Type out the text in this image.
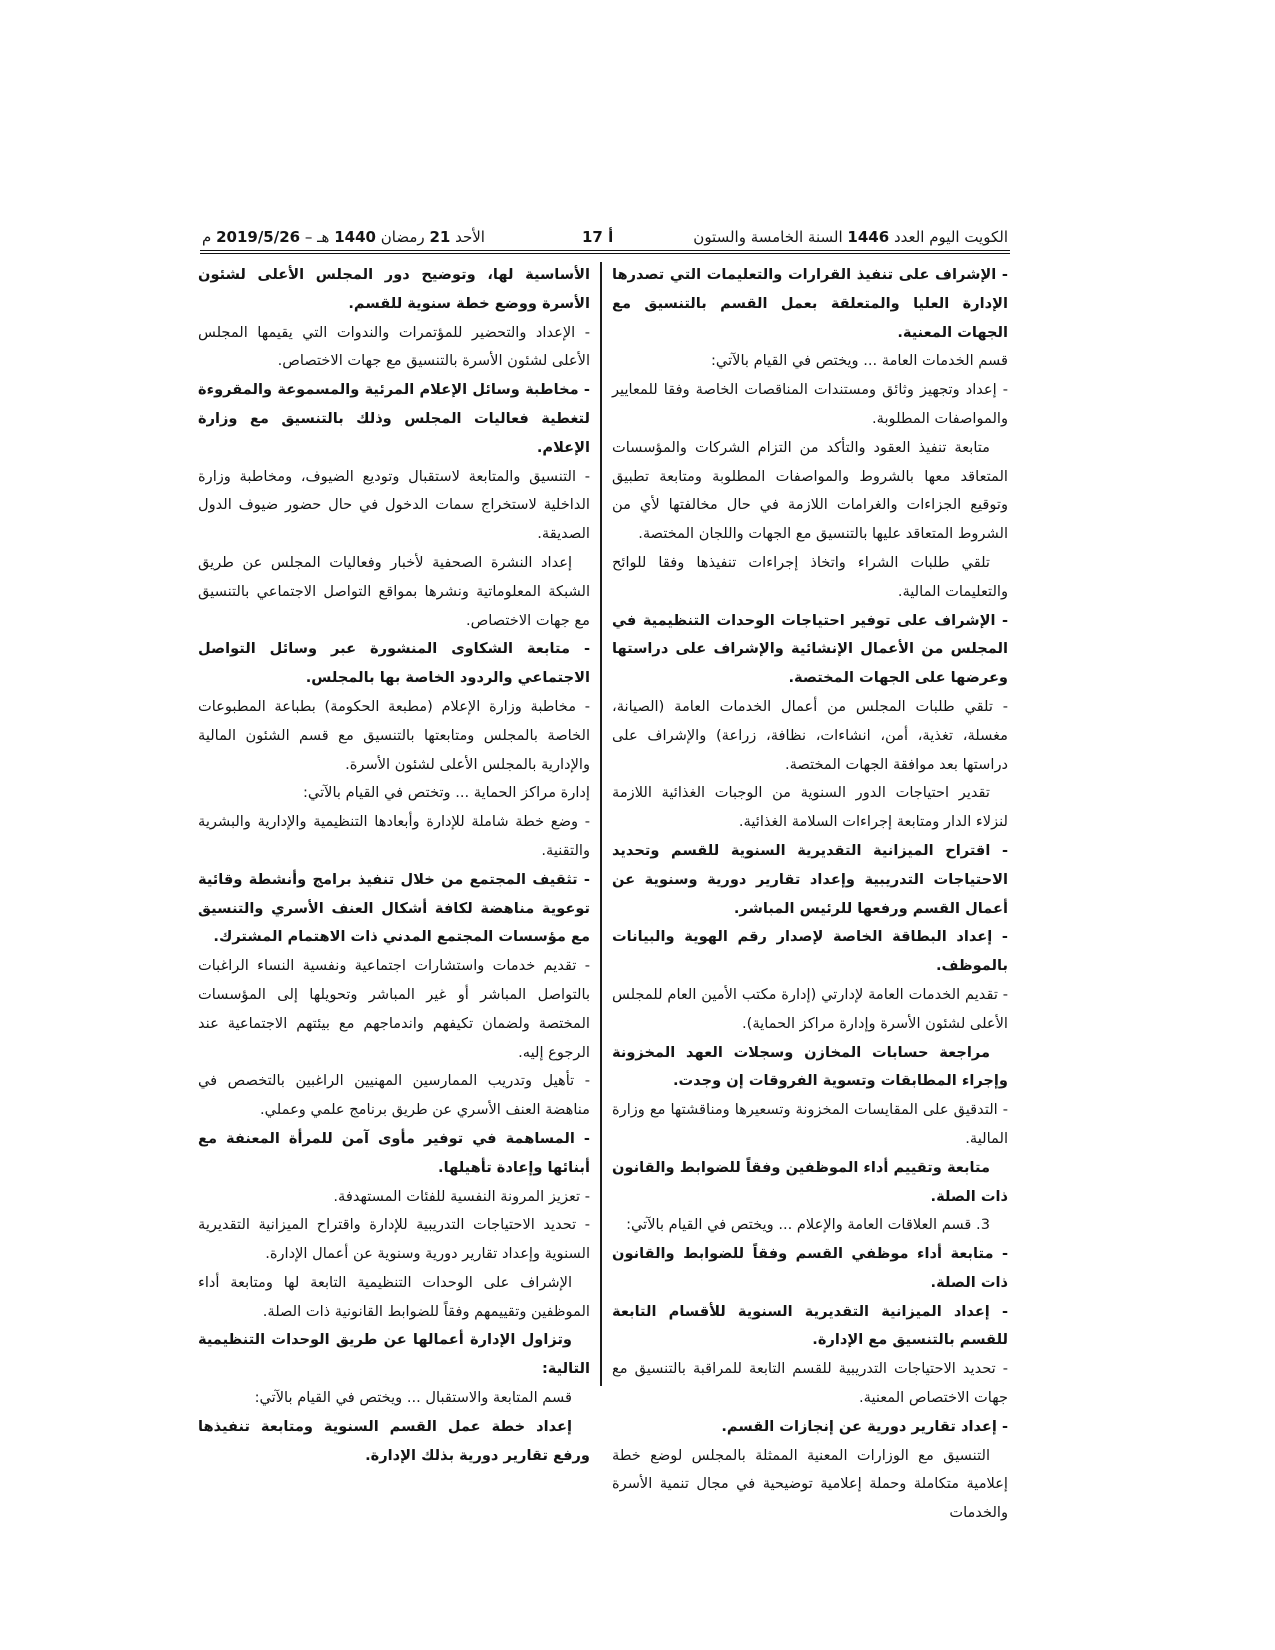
الكويت اليوم العدد 1446 السنة الخامسة والستون
أ 17
الأحد 21 رمضان 1440 هـ – 2019/5/26 م

- الإشراف على تنفيذ القرارات والتعليمات التي تصدرها الإدارة العليا والمتعلقة بعمل القسم بالتنسيق مع الجهات المعنية.

قسم الخدمات العامة ... ويختص في القيام بالآتي:

- إعداد وتجهيز وثائق ومستندات المناقصات الخاصة وفقا للمعايير والمواصفات المطلوبة.

متابعة تنفيذ العقود والتأكد من التزام الشركات والمؤسسات المتعاقد معها بالشروط والمواصفات المطلوبة ومتابعة تطبيق وتوقيع الجزاءات والغرامات اللازمة في حال مخالفتها لأي من الشروط المتعاقد عليها بالتنسيق مع الجهات واللجان المختصة.

تلقي طلبات الشراء واتخاذ إجراءات تنفيذها وفقا للوائح والتعليمات المالية.

- الإشراف على توفير احتياجات الوحدات التنظيمية في المجلس من الأعمال الإنشائية والإشراف على دراستها وعرضها على الجهات المختصة.

- تلقي طلبات المجلس من أعمال الخدمات العامة (الصيانة، مغسلة، تغذية، أمن، انشاءات، نظافة، زراعة) والإشراف على دراستها بعد موافقة الجهات المختصة.

تقدير احتياجات الدور السنوية من الوجبات الغذائية اللازمة لنزلاء الدار ومتابعة إجراءات السلامة الغذائية.

- اقتراح الميزانية التقديرية السنوية للقسم وتحديد الاحتياجات التدريبية وإعداد تقارير دورية وسنوية عن أعمال القسم ورفعها للرئيس المباشر.

- إعداد البطاقة الخاصة لإصدار رقم الهوية والبيانات بالموظف.

- تقديم الخدمات العامة لإدارتي (إدارة مكتب الأمين العام للمجلس الأعلى لشئون الأسرة وإدارة مراكز الحماية).

مراجعة حسابات المخازن وسجلات العهد المخزونة وإجراء المطابقات وتسوية الفروقات إن وجدت.

- التدقيق على المقايسات المخزونة وتسعيرها ومناقشتها مع وزارة المالية.

متابعة وتقييم أداء الموظفين وفقاً للضوابط والقانون ذات الصلة.

3. قسم العلاقات العامة والإعلام ... ويختص في القيام بالآتي:

- متابعة أداء موظفي القسم وفقاً للضوابط والقانون ذات الصلة.

- إعداد الميزانية التقديرية السنوية للأقسام التابعة للقسم بالتنسيق مع الإدارة.

- تحديد الاحتياجات التدريبية للقسم التابعة للمراقبة بالتنسيق مع جهات الاختصاص المعنية.

- إعداد تقارير دورية عن إنجازات القسم.

التنسيق مع الوزارات المعنية الممثلة بالمجلس لوضع خطة إعلامية متكاملة وحملة إعلامية توضيحية في مجال تنمية الأسرة والخدمات

الأساسية لها، وتوضيح دور المجلس الأعلى لشئون الأسرة ووضع خطة سنوية للقسم.

- الإعداد والتحضير للمؤتمرات والندوات التي يقيمها المجلس الأعلى لشئون الأسرة بالتنسيق مع جهات الاختصاص.

- مخاطبة وسائل الإعلام المرئية والمسموعة والمقروءة لتغطية فعاليات المجلس وذلك بالتنسيق مع وزارة الإعلام.

- التنسيق والمتابعة لاستقبال وتوديع الضيوف، ومخاطبة وزارة الداخلية لاستخراج سمات الدخول في حال حضور ضيوف الدول الصديقة.

إعداد النشرة الصحفية لأخبار وفعاليات المجلس عن طريق الشبكة المعلوماتية ونشرها بمواقع التواصل الاجتماعي بالتنسيق مع جهات الاختصاص.

- متابعة الشكاوى المنشورة عبر وسائل التواصل الاجتماعي والردود الخاصة بها بالمجلس.

- مخاطبة وزارة الإعلام (مطبعة الحكومة) بطباعة المطبوعات الخاصة بالمجلس ومتابعتها بالتنسيق مع قسم الشئون المالية والإدارية بالمجلس الأعلى لشئون الأسرة.

إدارة مراكز الحماية ... وتختص في القيام بالآتي:

- وضع خطة شاملة للإدارة وأبعادها التنظيمية والإدارية والبشرية والتقنية.

- تثقيف المجتمع من خلال تنفيذ برامج وأنشطة وقائية توعوية مناهضة لكافة أشكال العنف الأسري والتنسيق مع مؤسسات المجتمع المدني ذات الاهتمام المشترك.

- تقديم خدمات واستشارات اجتماعية ونفسية النساء الراغبات بالتواصل المباشر أو غير المباشر وتحويلها إلى المؤسسات المختصة ولضمان تكيفهم واندماجهم مع بيئتهم الاجتماعية عند الرجوع إليه.

- تأهيل وتدريب الممارسين المهنيين الراغبين بالتخصص في مناهضة العنف الأسري عن طريق برنامج علمي وعملي.

- المساهمة في توفير مأوى آمن للمرأة المعنفة مع أبنائها وإعادة تأهيلها.

- تعزيز المرونة النفسية للفئات المستهدفة.

- تحديد الاحتياجات التدريبية للإدارة واقتراح الميزانية التقديرية السنوية وإعداد تقارير دورية وسنوية عن أعمال الإدارة.

الإشراف على الوحدات التنظيمية التابعة لها ومتابعة أداء الموظفين وتقييمهم وفقاً للضوابط القانونية ذات الصلة.

وتزاول الإدارة أعمالها عن طريق الوحدات التنظيمية التالية:

قسم المتابعة والاستقبال ... ويختص في القيام بالآتي:

إعداد خطة عمل القسم السنوية ومتابعة تنفيذها ورفع تقارير دورية بذلك الإدارة.
